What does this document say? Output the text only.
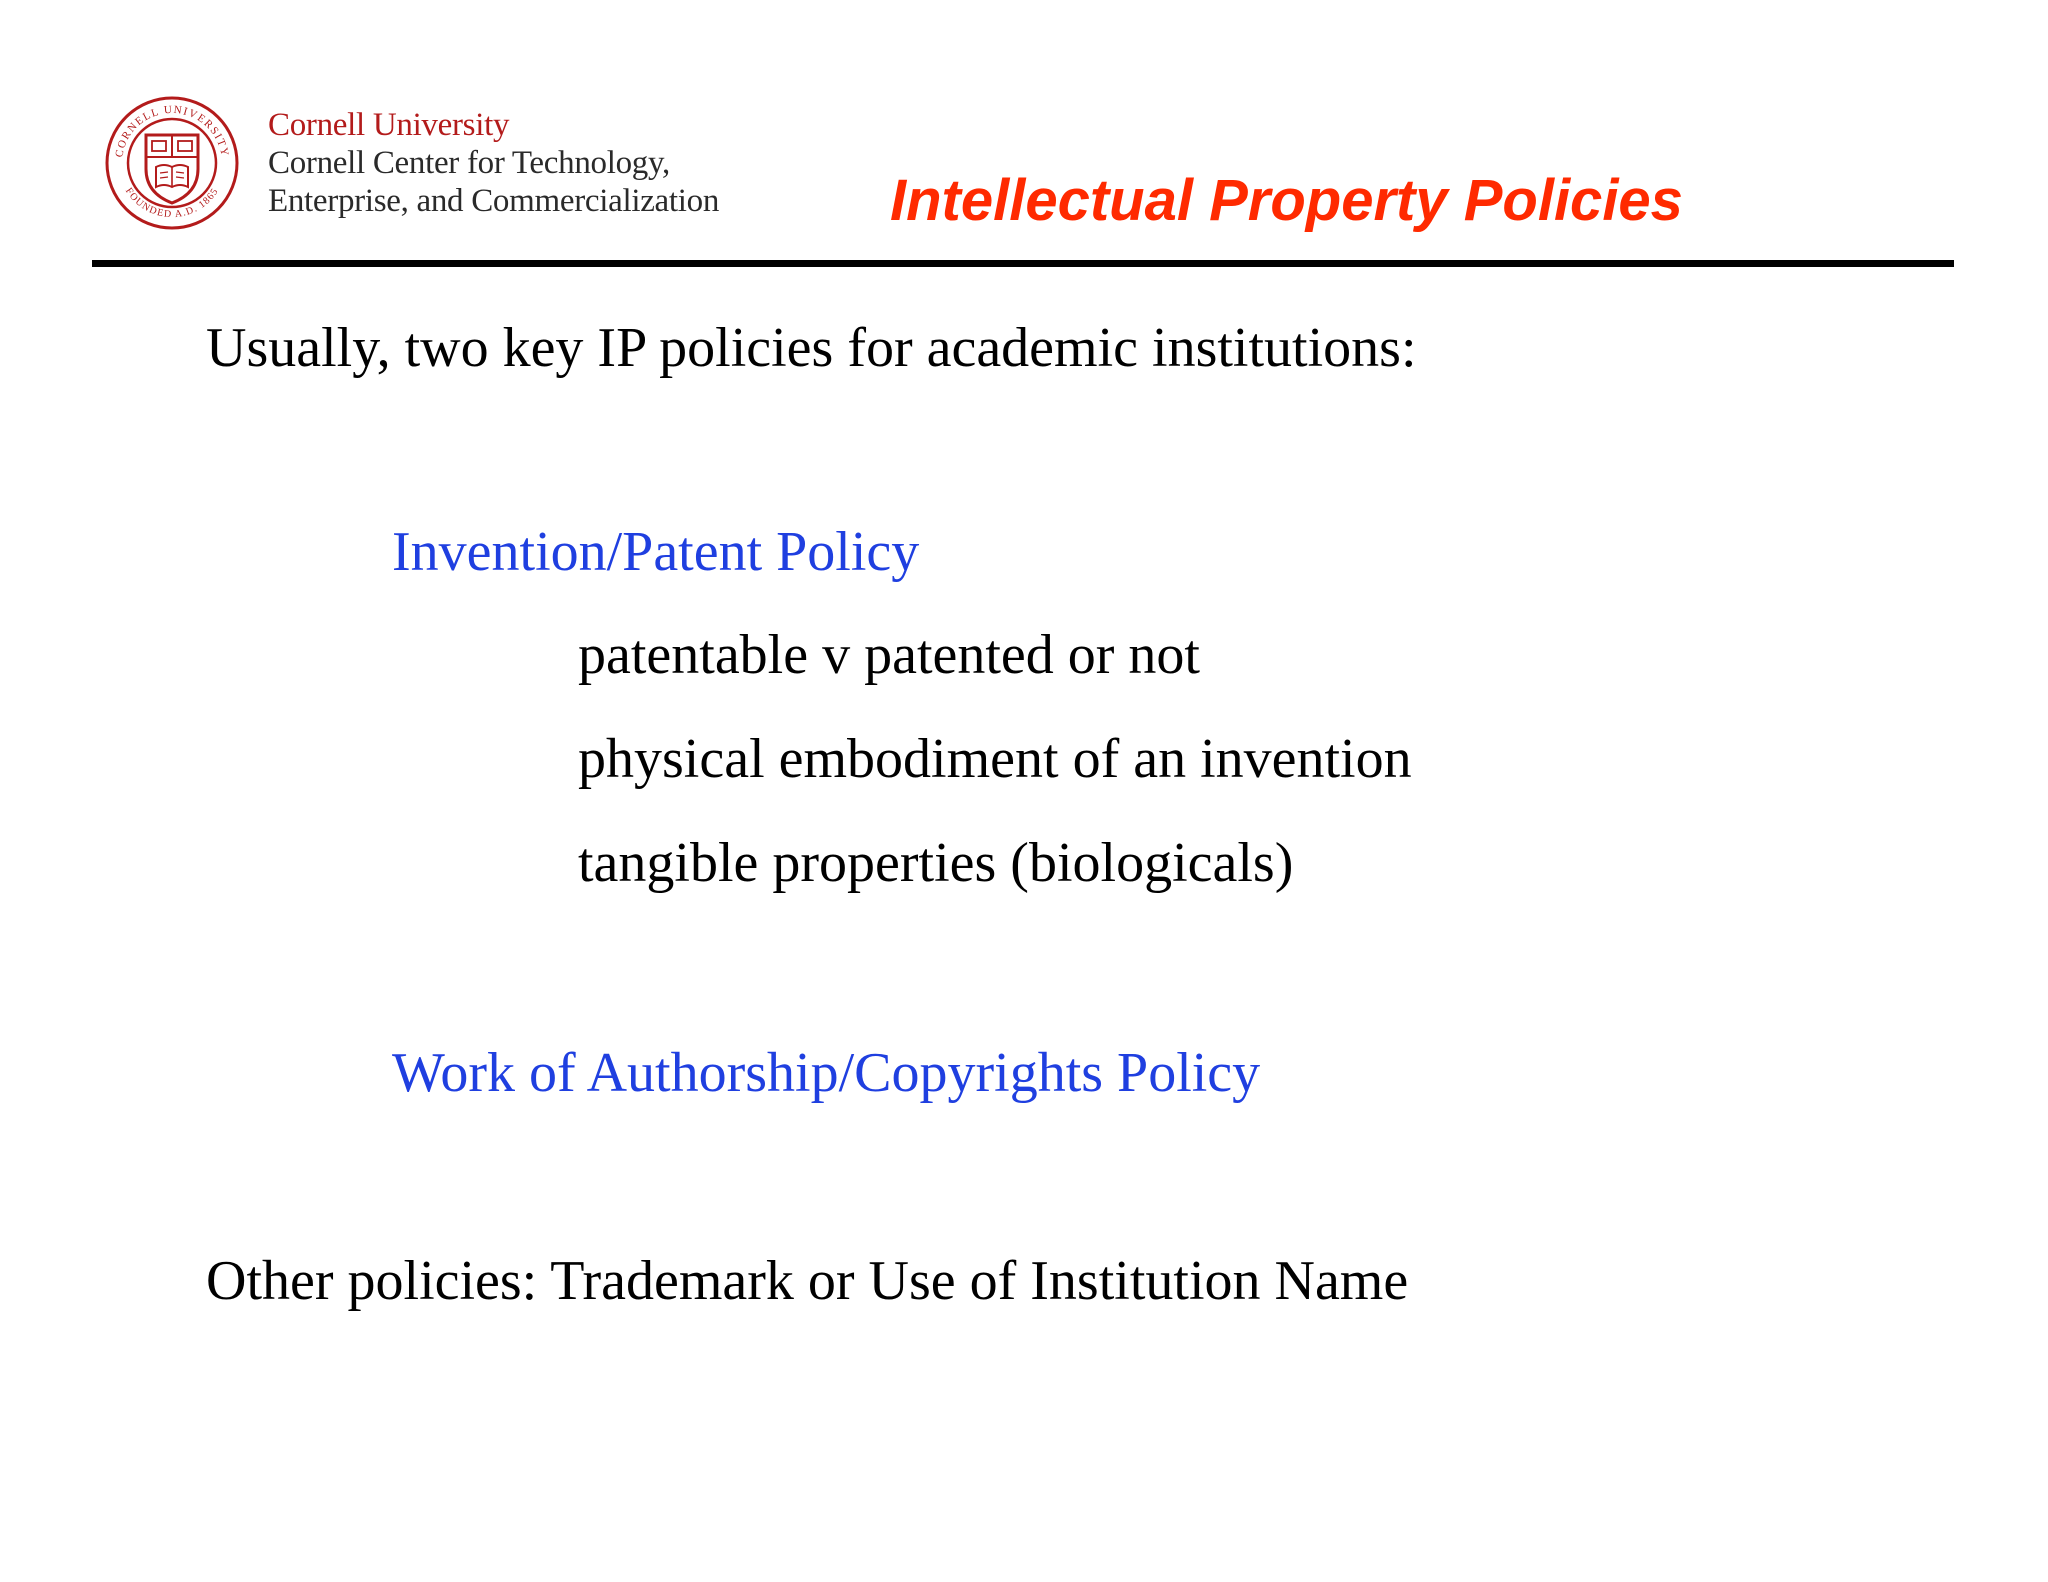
CORNELL UNIVERSITY
FOUNDED A.D. 1865
Cornell University
Cornell Center for Technology,
Enterprise, and Commercialization	Intellectual Property Policies
Usually, two key IP policies for academic institutions:
Invention/Patent Policy
patentable v patented or not
physical embodiment of an invention
tangible properties (biologicals)
Work of Authorship/Copyrights Policy
Other policies: Trademark or Use of Institution Name
